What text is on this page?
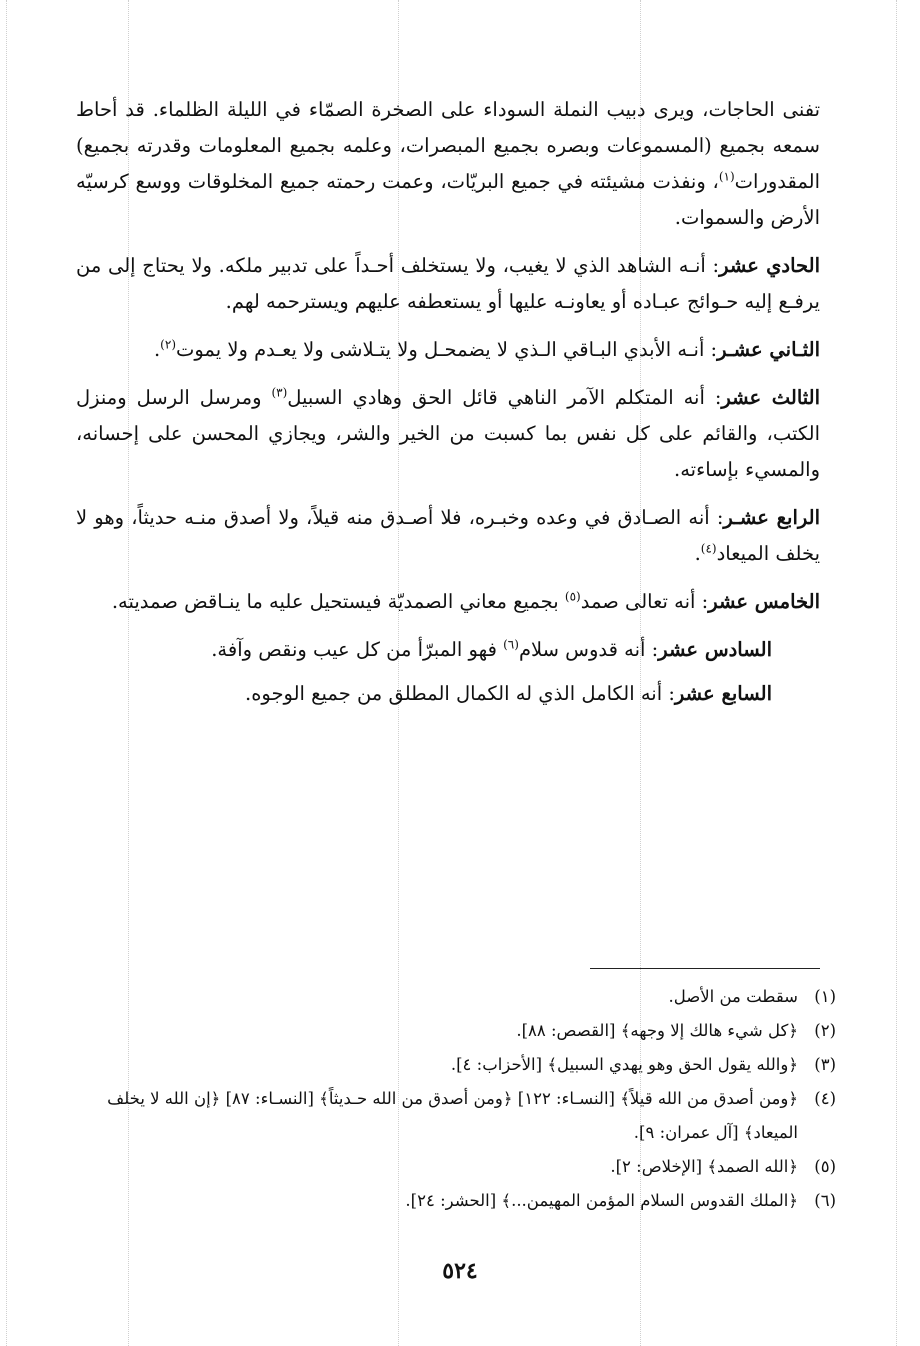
تفنى الحاجات، ويرى دبيب النملة السوداء على الصخرة الصمّاء في الليلة الظلماء. قد أحاط سمعه بجميع (المسموعات وبصره بجميع المبصرات، وعلمه بجميع المعلومات وقدرته بجميع) المقدورات$^{(١)}$، ونفذت مشيئته في جميع البريّات، وعمت رحمته جميع المخلوقات ووسع كرسيّه الأرض والسموات.

الحادي عشر: أنـه الشاهد الذي لا يغيب، ولا يستخلف أحـداً على تدبير ملكه. ولا يحتاج إلى من يرفـع إليه حـوائج عبـاده أو يعاونـه عليها أو يستعطفه عليهم ويسترحمه لهم.

الثـاني عشـر: أنـه الأبدي البـاقي الـذي لا يضمحـل ولا يتـلاشى ولا يعـدم ولا يموت$^{(٢)}$.

الثالث عشر: أنه المتكلم الآمر الناهي قائل الحق وهادي السبيل$^{(٣)}$ ومرسل الرسل ومنزل الكتب، والقائم على كل نفس بما كسبت من الخير والشر، ويجازي المحسن على إحسانه، والمسيء بإساءته.

الرابع عشـر: أنه الصـادق في وعده وخبـره، فلا أصـدق منه قيلاً، ولا أصدق منـه حديثاً، وهو لا يخلف الميعاد$^{(٤)}$.

الخامس عشر: أنه تعالى صمد$^{(٥)}$ بجميع معاني الصمديّة فيستحيل عليه ما ينـاقض صمديته.

السادس عشر: أنه قدوس سلام$^{(٦)}$ فهو المبرّأ من كل عيب ونقص وآفة.

السابع عشر: أنه الكامل الذي له الكمال المطلق من جميع الوجوه.

(١)
سقطت من الأصل.
(٢)
﴿كل شيء هالك إلا وجهه﴾ [القصص: ٨٨].
(٣)
﴿والله يقول الحق وهو يهدي السبيل﴾ [الأحزاب: ٤].
(٤)
﴿ومن أصدق من الله قيلاً﴾ [النسـاء: ١٢٢] ﴿ومن أصدق من الله حـديثاً﴾ [النسـاء: ٨٧] ﴿إن الله لا يخلف الميعاد﴾ [آل عمران: ٩].
(٥)
﴿الله الصمد﴾ [الإخلاص: ٢].
(٦)
﴿الملك القدوس السلام المؤمن المهيمن...﴾ [الحشر: ٢٤].
٥٢٤
